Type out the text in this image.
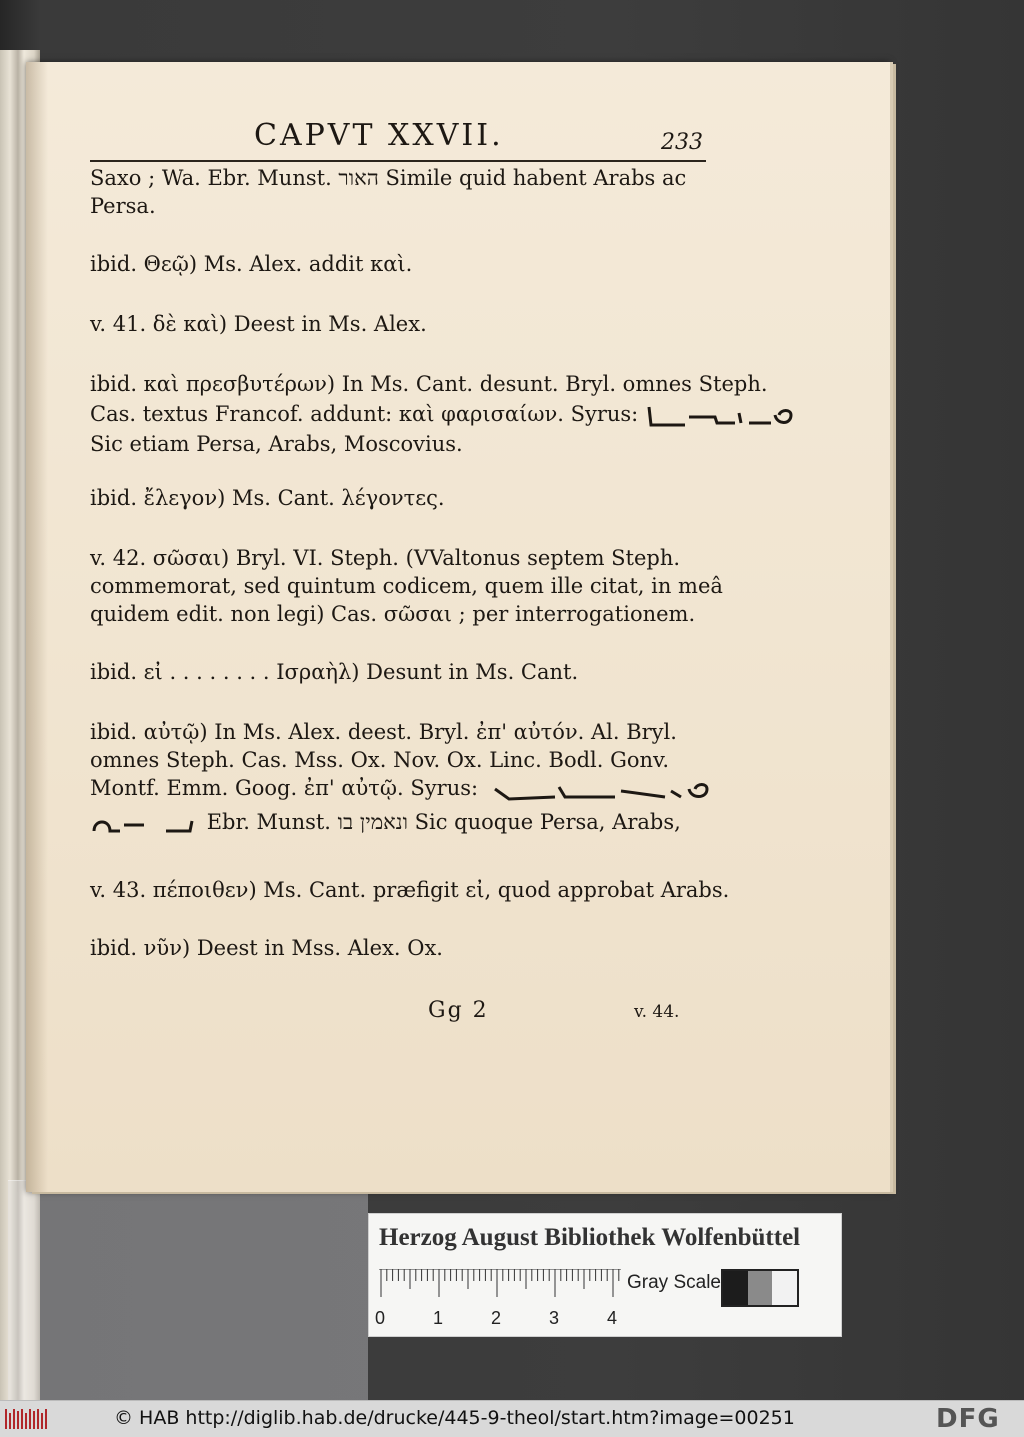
CAPVT XXVII.	233
Saxo ; Wa. Ebr. Munst. האור Simile quid habent Arabs ac
Persa.
ibid. Θεῷ) Ms. Alex. addit καὶ.
v. 41. δὲ καὶ) Deest in Ms. Alex.
ibid. καὶ πρεσβυτέρων) In Ms. Cant. desunt. Bryl. omnes Steph.
Cas. textus Francof. addunt: καὶ φαρισαίων. Syrus:
Sic etiam Persa, Arabs, Moscovius.
ibid. ἔλεγον) Ms. Cant. λέγοντες.
v. 42. σῶσαι) Bryl. VI. Steph. (VValtonus septem Steph.
commemorat, sed quintum codicem, quem ille citat, in meâ
quidem edit. non legi) Cas. σῶσαι ; per interrogationem.
ibid. εἰ . . . . . . . . Ισραὴλ) Desunt in Ms. Cant.
ibid. αὐτῷ) In Ms. Alex. deest. Bryl. ἐπ' αὐτόν. Al. Bryl.
omnes Steph. Cas. Mss. Ox. Nov. Ox. Linc. Bodl. Gonv.
Montf. Emm. Goog. ἐπ' αὐτῷ. Syrus:
Ebr. Munst. ונאמין בו Sic quoque Persa, Arabs,
v. 43. πέποιθεν) Ms. Cant. præfigit εἰ, quod approbat Arabs.
ibid. νῦν) Deest in Mss. Alex. Ox.
Gg 2	v. 44.
Herzog August Bibliothek Wolfenbüttel
0	1	2	3	4
Gray Scale
© HAB http://diglib.hab.de/drucke/445-9-theol/start.htm?image=00251	DFG
